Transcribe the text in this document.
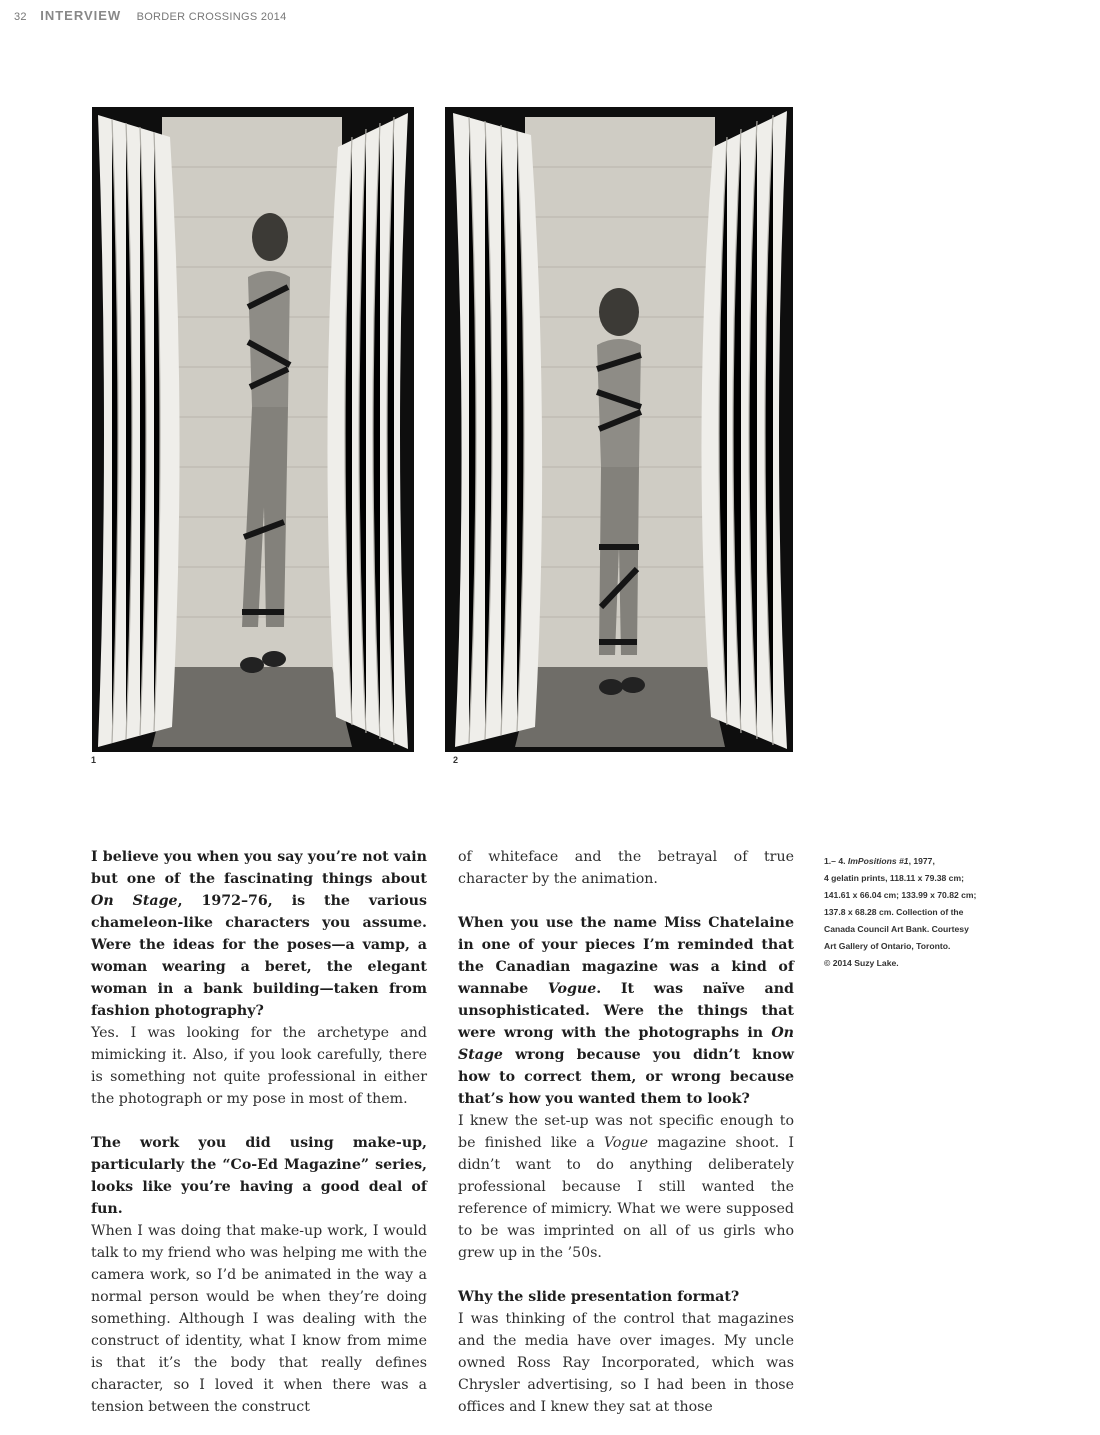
32 INTERVIEW BORDER CROSSINGS 2014
1	2

I believe you when you say you’re not vain but one of the fascinating things about On Stage, 1972–76, is the various chameleon-like characters you assume. Were the ideas for the poses—a vamp, a woman wearing a beret, the elegant woman in a bank building—taken from fashion photography?

Yes. I was looking for the archetype and mimicking it. Also, if you look carefully, there is something not quite professional in either the photograph or my pose in most of them.

The work you did using make-up, particularly the “Co-Ed Magazine” series, looks like you’re having a good deal of fun.

When I was doing that make-up work, I would talk to my friend who was helping me with the camera work, so I’d be animated in the way a normal person would be when they’re doing something. Although I was dealing with the construct of identity, what I know from mime is that it’s the body that really defines character, so I loved it when there was a tension between the construct

of whiteface and the betrayal of true character by the animation.

When you use the name Miss Chatelaine in one of your pieces I’m reminded that the Canadian magazine was a kind of wannabe Vogue. It was naïve and unsophisticated. Were the things that were wrong with the photographs in On Stage wrong because you didn’t know how to correct them, or wrong because that’s how you wanted them to look?

I knew the set-up was not specific enough to be finished like a Vogue magazine shoot. I didn’t want to do anything deliberately professional because I still wanted the reference of mimicry. What we were supposed to be was imprinted on all of us girls who grew up in the ’50s.

Why the slide presentation format?

I was thinking of the control that magazines and the media have over images. My uncle owned Ross Ray Incorporated, which was Chrysler advertising, so I had been in those offices and I knew they sat at those

1.– 4. ImPositions #1, 1977,
4 gelatin prints, 118.11 x 79.38 cm;
141.61 x 66.04 cm; 133.99 x 70.82 cm;
137.8 x 68.28 cm. Collection of the
Canada Council Art Bank. Courtesy
Art Gallery of Ontario, Toronto.
© 2014 Suzy Lake.
